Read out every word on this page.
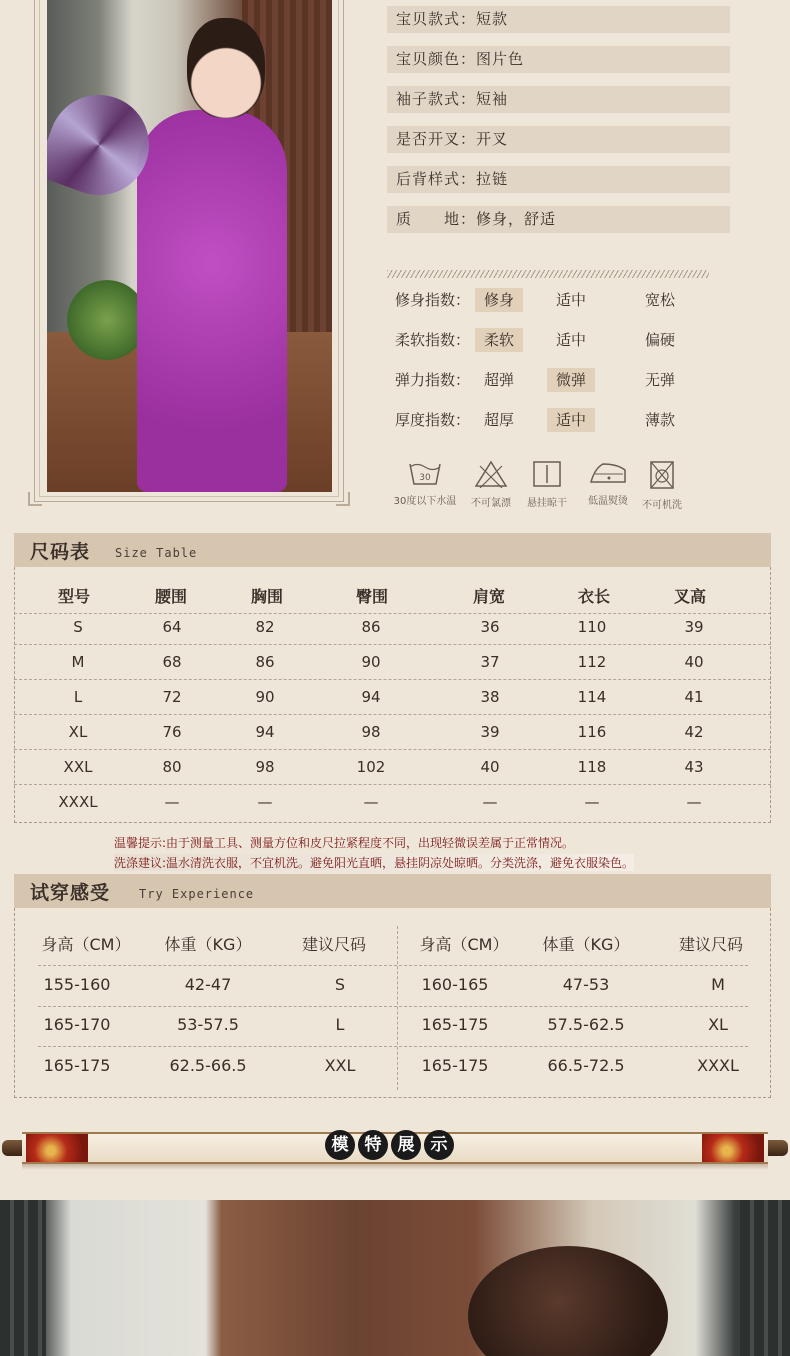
宝贝款式：短款
宝贝颜色：图片色
袖子款式：短袖
是否开叉：开叉
后背样式：拉链
质　　地：修身，舒适
修身指数： 修身	适中	宽松
柔软指数： 柔软	适中	偏硬
弹力指数： 超弹	微弹	无弹
厚度指数： 超厚	适中	薄款
30
30度以下水温	不可氯漂	悬挂晾干	低温熨烫	不可机洗
尺码表 Size Table
型号	腰围	胸围	臀围	肩宽	衣长	叉高
S	64	82	86	36	110	39
M	68	86	90	37	112	40
L	72	90	94	38	114	41
XL	76	94	98	39	116	42
XXL	80	98	102	40	118	43
XXXL	—	—	—	—	—	—
温馨提示:由于测量工具、测量方位和皮尺拉紧程度不同，出现轻微误差属于正常情况。
洗涤建议:温水清洗衣服，不宜机洗。避免阳光直晒，悬挂阴凉处晾晒。分类洗涤，避免衣服染色。
试穿感受 Try Experience
身高（CM） 体重（KG）	建议尺码	身高（CM） 体重（KG）	建议尺码
155-160	42-47	S	160-165	47-53	M
165-170	53-57.5	L	165-175	57.5-62.5	XL
165-175	62.5-66.5	XXL	165-175	66.5-72.5	XXXL
模 特 展 示
